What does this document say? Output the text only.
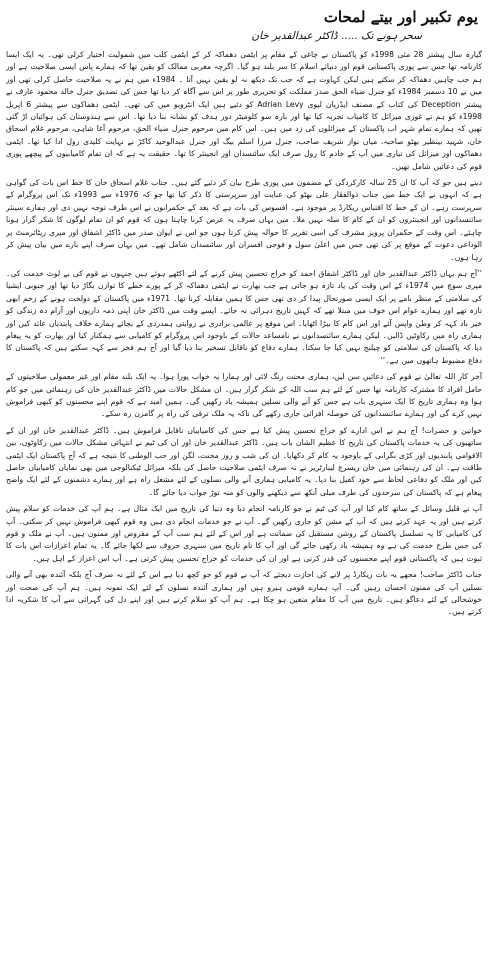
یوم تکبیر اور بیتے لمحات
سحر ہونے تک ..... ڈاکٹر عبدالقدیر خان

گیارہ سال پیشتر 28 مئی 1998ء کو پاکستان نے چاغی کے مقام پر ایٹمی دھماکہ کر کے ایٹمی کلب میں شمولیت اختیار کرلی تھی۔ یہ ایک ایسا کارنامہ تھا جس سے پوری پاکستانی قوم اور دنیائے اسلام کا سر بلند ہو گیا۔ اگرچہ مغربی ممالک کو یقین تھا کہ ہمارے پاس ایسی صلاحیت ہے اور ہم جب چاہیں دھماکہ کر سکتے ہیں لیکن کہاوت ہے کہ جب تک دیکھ نہ لو یقین نہیں آتا ۔ 1984ء میں ہم نے یہ صلاحیت حاصل کرلی تھی اور میں نے 10 دسمبر 1984ء کو جنرل ضیاء الحق صدر مملکت کو تحریری طور پر اس سے آگاہ کر دیا تھا جس کی تصدیق جنرل خالد محمود عارف نے پیشتر Deception کی کتاب کے مصنف ایڈریان لیوی Adrian Levy کو دئیے ہیں ایک انٹرویو میں کی تھی۔ ایٹمی دھماکوں سے پیشتر 6 اپریل 1998ء کو ہم نے غوری میزائل کا کامیاب تجربہ کیا تھا اور بارہ سو کلومیٹر دور ہدف کو نشانہ بنا دیا تھا۔ اس سے ہندوستان کی ہوائیاں اڑ گئی تھیں کہ ہمارے تمام شہر اب پاکستان کے میزائلوں کی زد میں ہیں۔ اس کام میں مرحوم جنرل ضیاء الحق، مرحوم آغا شاہی، مرحوم غلام اسحاق خان، شہید بینظیر بھٹو صاحبہ، میاں نواز شریف صاحب، جنرل مرزا اسلم بیگ اور جنرل عبدالوحید کاکڑ نے نہایت کلیدی رول ادا کیا تھا۔ ایٹمی دھماکوں اور میزائل کی تیاری میں آپ کے خادم کا رول صرف ایک سائنسدان اور انجینئر کا تھا۔ حقیقت یہ ہے کہ ان تمام کامیابیوں کے پیچھے پوری قوم کی دعائیں شامل تھیں۔

دیتے ہیں جو کہ آپ کا ان 25 سالہ کارکردگی کے مضمون میں پوری طرح بیان کر دئیے گئے ہیں۔ جناب غلام اسحاق خان کا خط اس بات کی گواہی ہے کہ انہوں نے ایک خط میں جناب ذوالفقار علی بھٹو کی عنایت اور سرپرستی کا ذکر کیا تھا جو کہ 1976ء سے 1993ء تک اس پروگرام کے سرپرست رہے۔ ان کے خط کا اقتباس ریکارڈ پر موجود ہے۔ افسوس کی بات ہے کہ بعد کے حکمرانوں نے اس طرف توجہ نہیں دی اور ہمارے سینئر سائنسدانوں اور انجینئروں کو ان کے کام کا صلہ نہیں ملا۔ میں یہاں صرف یہ عرض کرنا چاہتا ہوں کہ قوم کو ان تمام لوگوں کا شکر گزار ہونا چاہئے۔ اس وقت کے حکمران پرویز مشرف کی اسی تقریر کا حوالہ پیش کرتا ہوں جو اس نے ایوان صدر میں ڈاکٹر اشفاق اور میری ریٹائرمنٹ پر الوداعی دعوت کے موقع پر کی تھی جس میں اعلیٰ سول و فوجی افسران اور سائنسدان شامل تھے۔ میں یہاں صرف اپنے بارے میں بیان پیش کر رہا ہوں۔

’’آج ہم یہاں ڈاکٹر عبدالقدیر خان اور ڈاکٹر اشفاق احمد کو خراج تحسین پیش کرنے کے لئے اکٹھے ہوئے ہیں جنہوں نے قوم کی بے لوث خدمت کی۔ میری سوچ میں 1974ء کے اس وقت کی یاد تازہ ہو جاتی ہے جب بھارت نے ایٹمی دھماکہ کر کے پورے خطے کا توازن بگاڑ دیا تھا اور جنوبی ایشیا کی سلامتی کے منظر نامے پر ایک ایسی صورتحال پیدا کر دی تھی جس کا ہمیں مقابلہ کرنا تھا۔ 1971ء میں پاکستان کے دولخت ہونے کے زخم ابھی تازہ تھے اور ہمارے عوام اس خوف میں مبتلا تھے کہ کہیں تاریخ دہرائی نہ جائے۔ ایسے وقت میں ڈاکٹر خان اپنی ذمہ داریوں اور آرام دہ زندگی کو خیر باد کہہ کر وطن واپس آئے اور اس کام کا بیڑا اٹھایا۔ اس موقع پر عالمی برادری نے روایتی ہمدردی کے بجائے ہمارے خلاف پابندیاں عائد کیں اور ہماری راہ میں رکاوٹیں ڈالیں۔ لیکن ہمارے سائنسدانوں نے نامساعد حالات کے باوجود اس پروگرام کو کامیابی سے ہمکنار کیا اور بھارت کو یہ پیغام دیا کہ پاکستان کی سلامتی کو چیلنج نہیں کیا جا سکتا۔ ہمارے دفاع کو ناقابل تسخیر بنا دیا گیا اور آج ہم فخر سے کہہ سکتے ہیں کہ پاکستان کا دفاع مضبوط ہاتھوں میں ہے۔‘‘

آخر کار اللہ تعالیٰ نے قوم کی دعائیں سن لیں، ہماری محنت رنگ لائی اور ہمارا یہ خواب پورا ہوا۔ یہ ایک بلند مقام اور غیر معمولی صلاحیتوں کے حامل افراد کا مشترکہ کارنامہ تھا جس کے لئے ہم سب اللہ کے شکر گزار ہیں۔ ان مشکل حالات میں ڈاکٹر عبدالقدیر خان کی رہنمائی میں جو کام ہوا وہ ہماری تاریخ کا ایک سنہری باب ہے جس کو آنے والی نسلیں ہمیشہ یاد رکھیں گی۔ ہمیں امید ہے کہ قوم اپنے محسنوں کو کبھی فراموش نہیں کرے گی اور ہمارے سائنسدانوں کی حوصلہ افزائی جاری رکھے گی تاکہ یہ ملک ترقی کی راہ پر گامزن رہ سکے۔

خواتین و حضرات! آج ہم نے اس ادارے کو خراج تحسین پیش کیا ہے جس کی کامیابیاں ناقابل فراموش ہیں۔ ڈاکٹر عبدالقدیر خان اور ان کے ساتھیوں کی یہ خدمات پاکستان کی تاریخ کا عظیم الشان باب ہیں۔ ڈاکٹر عبدالقدیر خان اور ان کی ٹیم نے انتہائی مشکل حالات میں رکاوٹوں، بین الاقوامی پابندیوں اور کڑی نگرانی کے باوجود یہ کام کر دکھایا۔ ان کی شب و روز محنت، لگن اور حب الوطنی کا نتیجہ ہے کہ آج پاکستان ایک ایٹمی طاقت ہے۔ ان کی رہنمائی میں خان ریسرچ لیبارٹریز نے نہ صرف ایٹمی صلاحیت حاصل کی بلکہ میزائل ٹیکنالوجی میں بھی نمایاں کامیابیاں حاصل کیں اور ملک کو دفاعی لحاظ سے خود کفیل بنا دیا۔ یہ کامیابی ہماری آنے والی نسلوں کے لئے مشعل راہ ہے اور ہمارے دشمنوں کے لئے ایک واضح پیغام ہے کہ پاکستان کی سرحدوں کی طرف میلی آنکھ سے دیکھنے والوں کو منہ توڑ جواب دیا جائے گا۔

آپ نے قلیل وسائل کے ساتھ کام کیا اور آپ کی ٹیم نے جو کارنامہ انجام دیا وہ دنیا کی تاریخ میں ایک مثال ہے۔ ہم آپ کی خدمات کو سلام پیش کرتے ہیں اور یہ عہد کرتے ہیں کہ آپ کے مشن کو جاری رکھیں گے۔ آپ نے جو خدمات انجام دی ہیں وہ قوم کبھی فراموش نہیں کر سکتی۔ آپ کی کامیابی کا یہ تسلسل پاکستان کے روشن مستقبل کی ضمانت ہے اور اس کے لئے ہم سب آپ کے مقروض اور ممنون ہیں۔ آپ نے ملک و قوم کی جس طرح خدمت کی ہے وہ ہمیشہ یاد رکھی جائے گی اور آپ کا نام تاریخ میں سنہری حروف سے لکھا جائے گا۔ یہ تمام اعزازات اس بات کا ثبوت ہیں کہ پاکستانی قوم اپنے محسنوں کی قدر کرتی ہے اور ان کی خدمات کو خراج تحسین پیش کرتی ہے۔ آپ اس اعزاز کے اہل ہیں۔

جناب ڈاکٹر صاحب! مجھے یہ بات ریکارڈ پر لانے کی اجازت دیجئے کہ آپ نے قوم کو جو کچھ دیا ہے اس کے لئے نہ صرف آج بلکہ آئندہ بھی آنے والی نسلیں آپ کی ممنون احسان رہیں گی۔ آپ ہمارے قومی ہیرو ہیں اور ہماری آئندہ نسلوں کے لئے ایک نمونہ ہیں۔ ہم آپ کی صحت اور خوشحالی کے لئے دعاگو ہیں۔ تاریخ میں آپ کا مقام متعین ہو چکا ہے۔ ہم آپ کو سلام کرتے ہیں اور اپنے دل کی گہرائی سے آپ کا شکریہ ادا کرتے ہیں۔
